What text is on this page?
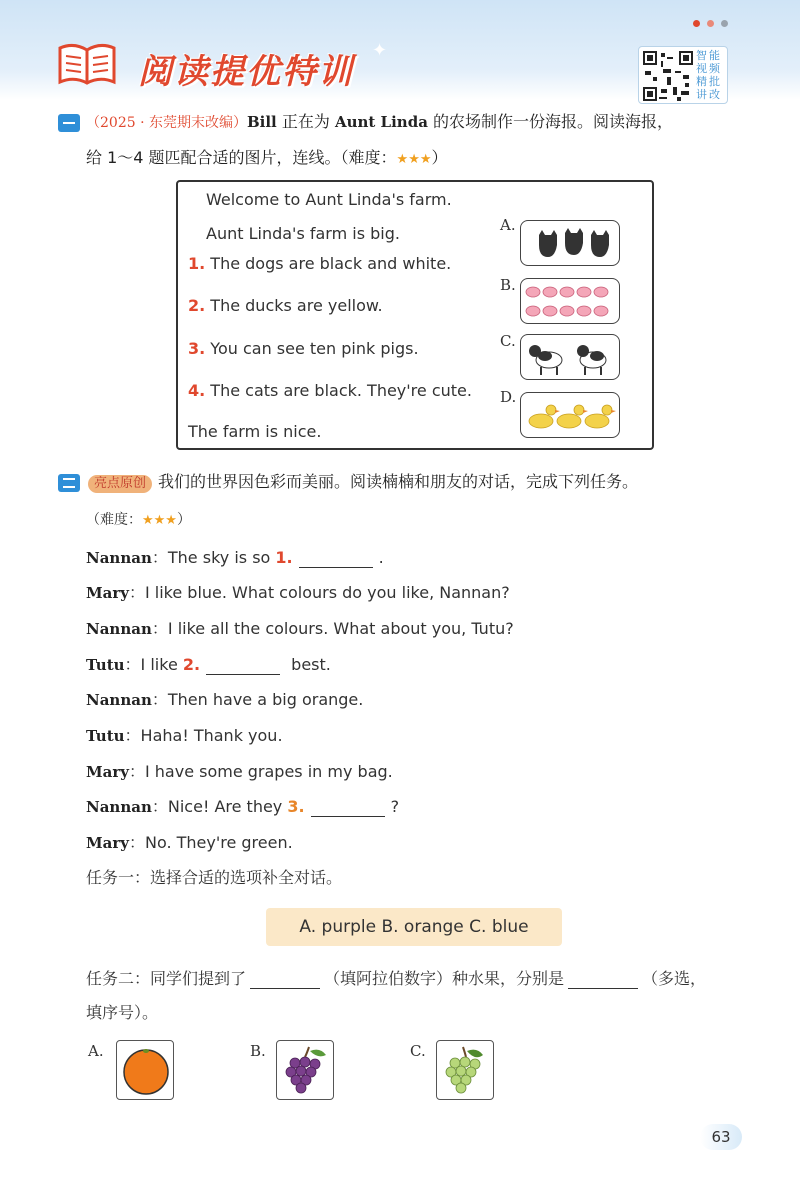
阅读提优特训
✦	智 能
视 频
精 批
讲 改
（2025 · 东莞期末改编）Bill 正在为 Aunt Linda 的农场制作一份海报。阅读海报，
给 1～4 题匹配合适的图片，连线。（难度：★★★）
Welcome to Aunt Linda's farm.
Aunt Linda's farm is big.
1. The dogs are black and white.
2. The ducks are yellow.
3. You can see ten pink pigs.
4. The cats are black. They're cute.
The farm is nice.
A.
B.
C.
D.
亮点原创 我们的世界因色彩而美丽。阅读楠楠和朋友的对话，完成下列任务。
（难度：★★★）
Nannan：The sky is so 1.	.
Mary：I like blue. What colours do you like, Nannan?
Nannan：I like all the colours. What about you, Tutu?
Tutu：I like 2.	best.
Nannan：Then have a big orange.
Tutu：Haha! Thank you.
Mary：I have some grapes in my bag.
Nannan：Nice! Are they 3.	?
Mary：No. They're green.
任务一：选择合适的选项补全对话。
A. purple B. orange C. blue
任务二：同学们提到了	（填阿拉伯数字）种水果，分别是	（多选，
填序号）。
A.	B.	C.
63
